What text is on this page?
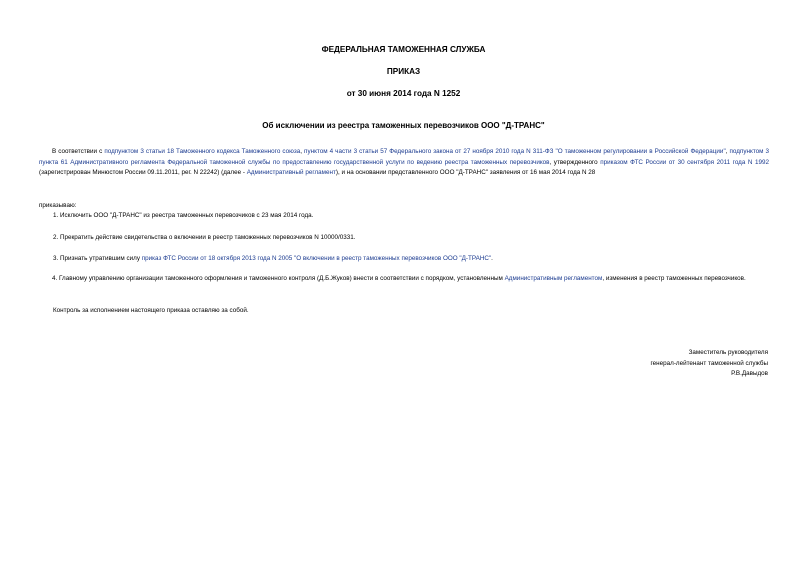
ФЕДЕРАЛЬНАЯ ТАМОЖЕННАЯ СЛУЖБА
ПРИКАЗ
от 30 июня 2014 года N 1252
Об исключении из реестра таможенных перевозчиков ООО "Д-ТРАНС"

В соответствии с подпунктом 3 статьи 18 Таможенного кодекса Таможенного союза, пунктом 4 части 3 статьи 57 Федерального закона от 27 ноября 2010 года N 311-ФЗ "О таможенном регулировании в Российской Федерации", подпунктом 3 пункта 61 Административного регламента Федеральной таможенной службы по предоставлению государственной услуги по ведению реестра таможенных перевозчиков, утвержденного приказом ФТС России от 30 сентября 2011 года N 1992 (зарегистрирован Минюстом России 09.11.2011, рег. N 22242) (далее - Административный регламент), и на основании представленного ООО "Д-ТРАНС" заявления от 16 мая 2014 года N 28

приказываю:
1. Исключить ООО "Д-ТРАНС" из реестра таможенных перевозчиков с 23 мая 2014 года.
2. Прекратить действие свидетельства о включении в реестр таможенных перевозчиков N 10000/0331.
3. Признать утратившим силу приказ ФТС России от 18 октября 2013 года N 2005 "О включении в реестр таможенных перевозчиков ООО "Д-ТРАНС".

4. Главному управлению организации таможенного оформления и таможенного контроля (Д.Б.Жуков) внести в соответствии с порядком, установленным Административным регламентом, изменения в реестр таможенных перевозчиков.

Контроль за исполнением настоящего приказа оставляю за собой.
Заместитель руководителя
генерал-лейтенант таможенной службы
Р.В.Давыдов
